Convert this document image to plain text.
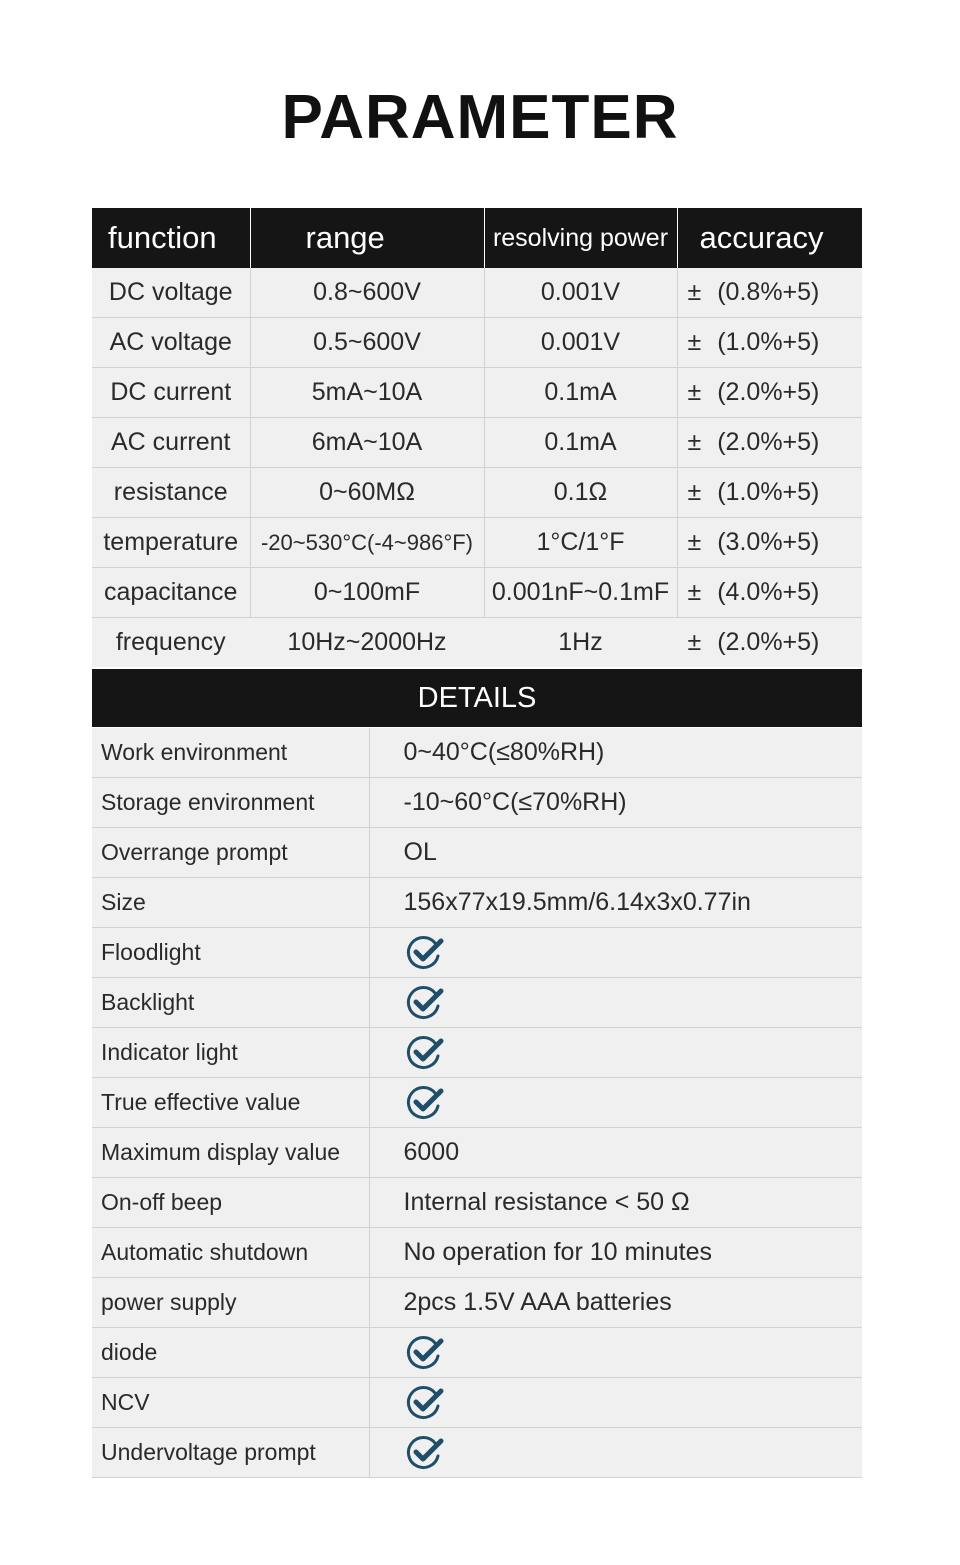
PARAMETER
function	range	resolving power	accuracy
DC voltage	0.8~600V	0.001V	± (0.8%+5)
AC voltage	0.5~600V	0.001V	± (1.0%+5)
DC current	5mA~10A	0.1mA	± (2.0%+5)
AC current	6mA~10A	0.1mA	± (2.0%+5)
resistance	0~60MΩ	0.1Ω	± (1.0%+5)
temperature	-20~530°C(-4~986°F)	1°C/1°F	± (3.0%+5)
capacitance	0~100mF	0.001nF~0.1mF	± (4.0%+5)
frequency	10Hz~2000Hz	1Hz	± (2.0%+5)
DETAILS
Work environment	0~40°C(≤80%RH)
Storage environment	-10~60°C(≤70%RH)
Overrange prompt	OL
Size	156x77x19.5mm/6.14x3x0.77in
Floodlight	
Backlight	
Indicator light	
True effective value	
Maximum display value	6000
On-off beep	Internal resistance < 50 Ω
Automatic shutdown	No operation for 10 minutes
power supply	2pcs 1.5V AAA batteries
diode	
NCV	
Undervoltage prompt	
